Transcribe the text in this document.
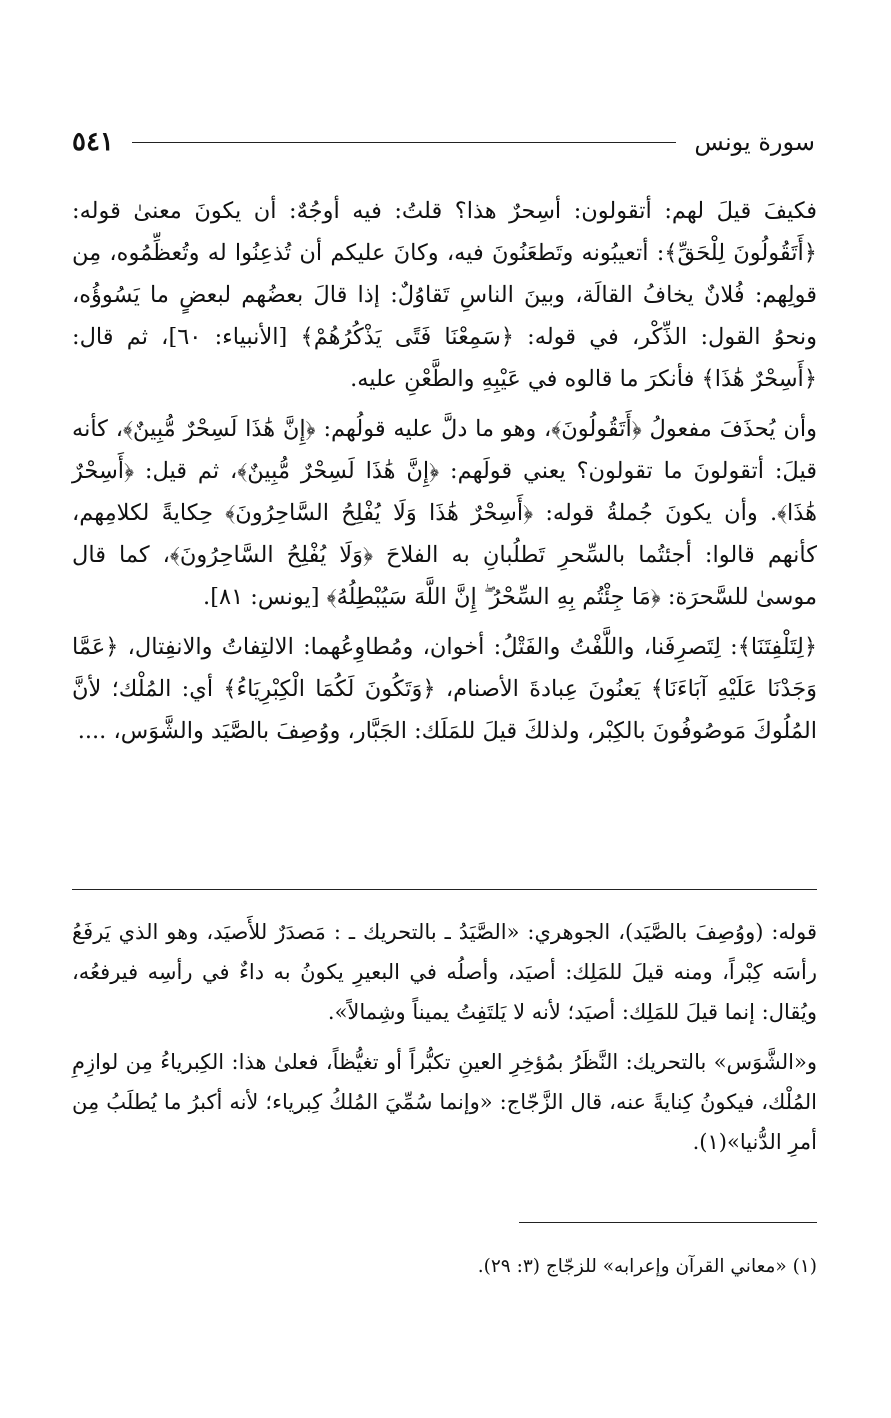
سورة يونس
٥٤١

فكيفَ قيلَ لهم: أتقولون: أسِحرٌ هذا؟ قلتُ: فيه أوجُهٌ: أن يكونَ معنىٰ قوله: ﴿أَتَقُولُونَ لِلْحَقِّ﴾: أتعيبُونه وتَطعَنُونَ فيه، وكانَ عليكم أن تُذعِنُوا له وتُعظِّمُوه، مِن قولِهم: فُلانٌ يخافُ القالَة، وبينَ الناسِ تَقاوُلٌ: إذا قالَ بعضُهم لبعضٍ ما يَسُوؤُه، ونحوُ القول: الذِّكْر، في قوله: ﴿سَمِعْنَا فَتًى يَذْكُرُهُمْ﴾ [الأنبياء: ٦٠]، ثم قال: ﴿أَسِحْرٌ هَٰذَا﴾ فأنكرَ ما قالوه في عَيْبِهِ والطَّعْنِ عليه.

وأن يُحذَفَ مفعولُ ﴿أَتَقُولُونَ﴾، وهو ما دلَّ عليه قولُهم: ﴿إِنَّ هَٰذَا لَسِحْرٌ مُّبِينٌ﴾، كأنه قيلَ: أتقولونَ ما تقولون؟ يعني قولَهم: ﴿إِنَّ هَٰذَا لَسِحْرٌ مُّبِينٌ﴾، ثم قيل: ﴿أَسِحْرٌ هَٰذَا﴾. وأن يكونَ جُملةُ قوله: ﴿أَسِحْرٌ هَٰذَا وَلَا يُفْلِحُ السَّاحِرُونَ﴾ حِكايةً لكلامِهم، كأنهم قالوا: أجئتُما بالسِّحرِ تَطلُبانِ به الفلاحَ ﴿وَلَا يُفْلِحُ السَّاحِرُونَ﴾، كما قال موسىٰ للسَّحرَة: ﴿مَا جِئْتُم بِهِ السِّحْرُ ۖ إِنَّ اللَّهَ سَيُبْطِلُهُ﴾ [يونس: ٨١].

﴿لِتَلْفِتَنَا﴾: لِتَصرِفَنا، واللَّفْتُ والفَتْلُ: أخوان، ومُطاوِعُهما: الالتِفاتُ والانفِتال، ﴿عَمَّا وَجَدْنَا عَلَيْهِ آبَاءَنَا﴾ يَعنُونَ عِبادةَ الأصنام، ﴿وَتَكُونَ لَكُمَا الْكِبْرِيَاءُ﴾ أي: المُلْك؛ لأنَّ المُلُوكَ مَوصُوفُونَ بالكِبْر، ولذلكَ قيلَ للمَلَك: الجَبَّار، ووُصِفَ بالصَّيَد والشَّوَس، ....

قوله: (ووُصِفَ بالصَّيَد)، الجوهري: «الصَّيَدُ ـ بالتحريك ـ : مَصدَرٌ للأَصيَد، وهو الذي يَرفَعُ رأسَه كِبْراً، ومنه قيلَ للمَلِك: أصيَد، وأصلُه في البعيرِ يكونُ به داءٌ في رأسِه فيرفعُه، ويُقال: إنما قيلَ للمَلِك: أصيَد؛ لأنه لا يَلتَفِتُ يميناً وشِمالاً».

و«الشَّوَس» بالتحريك: النَّظَرُ بمُؤخِرِ العينِ تكبُّراً أو تغيُّظاً، فعلىٰ هذا: الكِبرياءُ مِن لوازِمِ المُلْك، فيكونُ كِنايةً عنه، قال الزَّجّاج: «وإنما سُمِّيَ المُلكُ كِبرياء؛ لأنه أكبرُ ما يُطلَبُ مِن أمرِ الدُّنيا»(١).

(١) «معاني القرآن وإعرابه» للزجّاج (٣: ٢٩).
